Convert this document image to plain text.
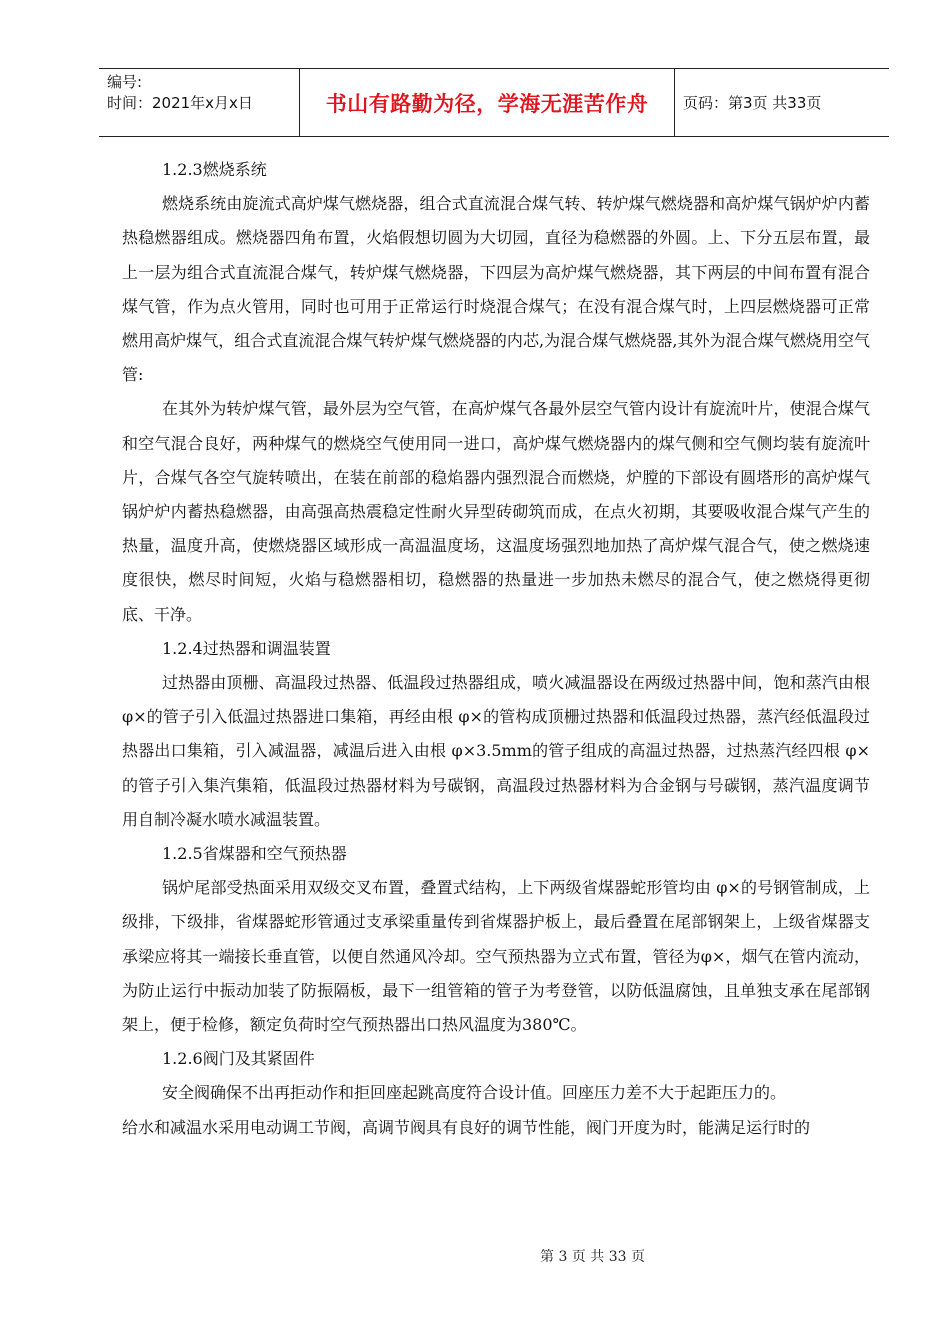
编号:
时间：2021年x月x日	书山有路勤为径，学海无涯苦作舟	页码：第3页 共33页

1.2.3燃烧系统

燃烧系统由旋流式高炉煤气燃烧器，组合式直流混合煤气转、转炉煤气燃烧器和高炉煤气锅炉炉内蓄热稳燃器组成。燃烧器四角布置，火焰假想切圆为大切园，直径为稳燃器的外圆。上、下分五层布置，最上一层为组合式直流混合煤气，转炉煤气燃烧器，下四层为高炉煤气燃烧器，其下两层的中间布置有混合煤气管，作为点火管用，同时也可用于正常运行时烧混合煤气；在没有混合煤气时，上四层燃烧器可正常燃用高炉煤气，组合式直流混合煤气转炉煤气燃烧器的内芯,为混合煤气燃烧器,其外为混合煤气燃烧用空气管:

在其外为转炉煤气管，最外层为空气管，在高炉煤气各最外层空气管内设计有旋流叶片，使混合煤气和空气混合良好，两种煤气的燃烧空气使用同一进口，高炉煤气燃烧器内的煤气侧和空气侧均装有旋流叶片，合煤气各空气旋转喷出，在装在前部的稳焰器内强烈混合而燃烧，炉膛的下部设有圆塔形的高炉煤气锅炉炉内蓄热稳燃器，由高强高热震稳定性耐火异型砖砌筑而成，在点火初期，其要吸收混合煤气产生的热量，温度升高，使燃烧器区域形成一高温温度场，这温度场强烈地加热了高炉煤气混合气，使之燃烧速度很快，燃尽时间短，火焰与稳燃器相切，稳燃器的热量进一步加热未燃尽的混合气，使之燃烧得更彻底、干净。

1.2.4过热器和调温装置

过热器由顶栅、高温段过热器、低温段过热器组成，喷火减温器设在两级过热器中间，饱和蒸汽由根 φ×的管子引入低温过热器进口集箱，再经由根 φ×的管构成顶栅过热器和低温段过热器，蒸汽经低温段过热器出口集箱，引入减温器，减温后进入由根 φ×3.5mm的管子组成的高温过热器，过热蒸汽经四根 φ×的管子引入集汽集箱，低温段过热器材料为号碳钢，高温段过热器材料为合金钢与号碳钢，蒸汽温度调节用自制冷凝水喷水减温装置。

1.2.5省煤器和空气预热器

锅炉尾部受热面采用双级交叉布置，叠置式结构，上下两级省煤器蛇形管均由 φ×的号钢管制成，上级排，下级排，省煤器蛇形管通过支承梁重量传到省煤器护板上，最后叠置在尾部钢架上，上级省煤器支承梁应将其一端接长垂直管，以便自然通风冷却。空气预热器为立式布置，管径为φ×，烟气在管内流动，为防止运行中振动加装了防振隔板，最下一组管箱的管子为考登管，以防低温腐蚀，且单独支承在尾部钢架上，便于检修，额定负荷时空气预热器出口热风温度为380℃。

1.2.6阀门及其紧固件

安全阀确保不出再拒动作和拒回座起跳高度符合设计值。回座压力差不大于起距压力的。

给水和减温水采用电动调工节阀，高调节阀具有良好的调节性能，阀门开度为时，能满足运行时的

第 3 页 共 33 页
